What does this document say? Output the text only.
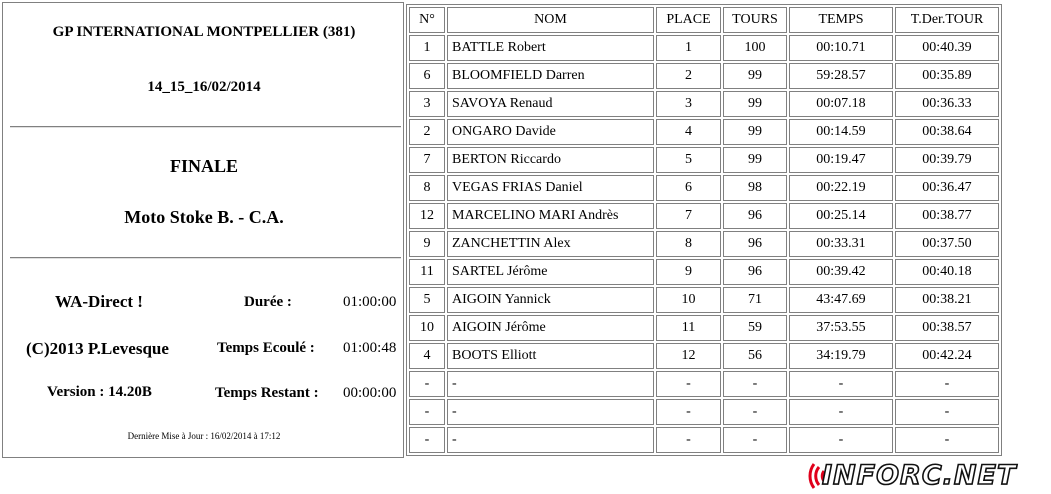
GP INTERNATIONAL MONTPELLIER (381)
14_15_16/02/2014
FINALE
Moto Stoke B. - C.A.
WA-Direct !	Durée :	01:00:00
(C)2013 P.Levesque	Temps Ecoulé : 01:00:48
Version : 14.20B	Temps Restant : 00:00:00
Dernière Mise à Jour : 16/02/2014 à 17:12
N°	NOM	PLACE	TOURS	TEMPS	T.Der.TOUR
1	BATTLE Robert	1	100	00:10.71	00:40.39
6	BLOOMFIELD Darren	2	99	59:28.57	00:35.89
3	SAVOYA Renaud	3	99	00:07.18	00:36.33
2	ONGARO Davide	4	99	00:14.59	00:38.64
7	BERTON Riccardo	5	99	00:19.47	00:39.79
8	VEGAS FRIAS Daniel	6	98	00:22.19	00:36.47
12	MARCELINO MARI Andrès	7	96	00:25.14	00:38.77
9	ZANCHETTIN Alex	8	96	00:33.31	00:37.50
11	SARTEL Jérôme	9	96	00:39.42	00:40.18
5	AIGOIN Yannick	10	71	43:47.69	00:38.21
10	AIGOIN Jérôme	11	59	37:53.55	00:38.57
4	BOOTS Elliott	12	56	34:19.79	00:42.24
-	-	-	-	-	-
-	-	-	-	-	-
-	-	-	-	-	-
INFORC.NET
